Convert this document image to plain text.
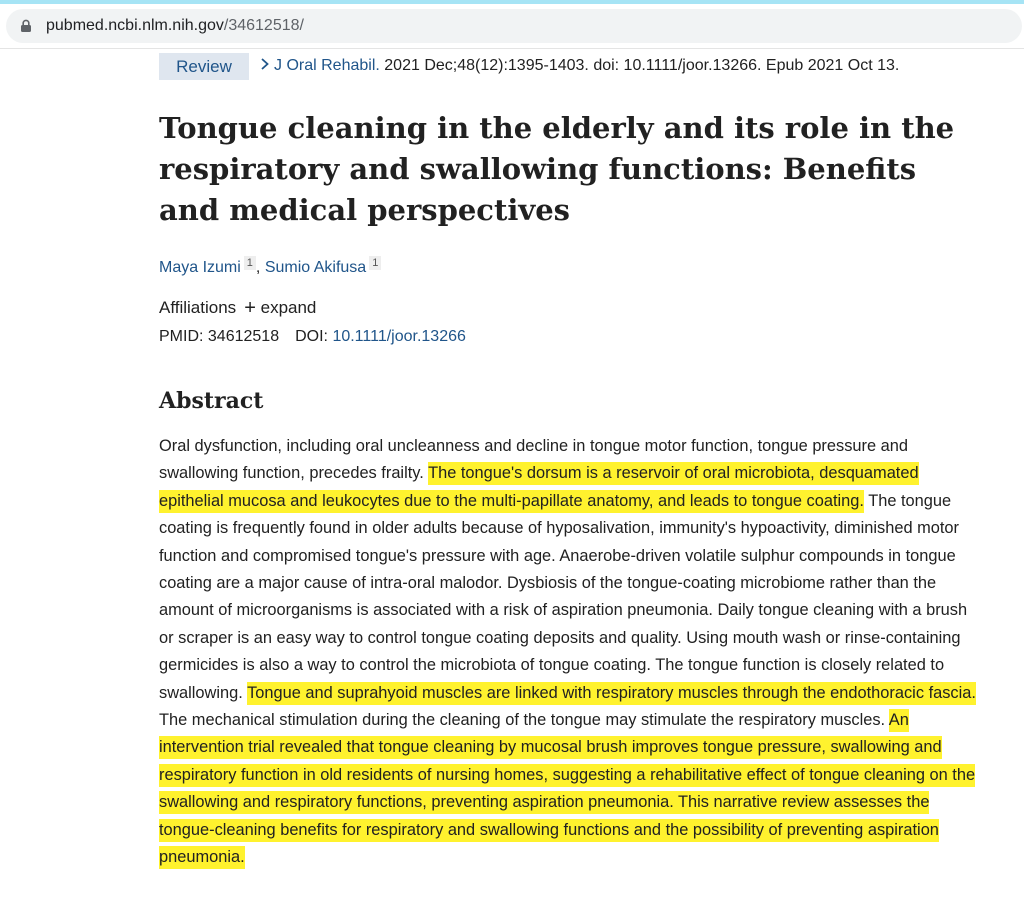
pubmed.ncbi.nlm.nih.gov/34612518/
Review	J Oral Rehabil. 2021 Dec;48(12):1395-1403. doi: 10.1111/joor.13266. Epub 2021 Oct 13.
Tongue cleaning in the elderly and its role in the respiratory and swallowing functions: Benefits and medical perspectives
Maya Izumi 1 , Sumio Akifusa 1
Affiliations + expand
PMID: 34612518 DOI: 10.1111/joor.13266
Abstract

Oral dysfunction, including oral uncleanness and decline in tongue motor function, tongue pressure and swallowing function, precedes frailty. The tongue's dorsum is a reservoir of oral microbiota, desquamated epithelial mucosa and leukocytes due to the multi-papillate anatomy, and leads to tongue coating. The tongue coating is frequently found in older adults because of hyposalivation, immunity's hypoactivity, diminished motor function and compromised tongue's pressure with age. Anaerobe-driven volatile sulphur compounds in tongue coating are a major cause of intra-oral malodor. Dysbiosis of the tongue-coating microbiome rather than the amount of microorganisms is associated with a risk of aspiration pneumonia. Daily tongue cleaning with a brush or scraper is an easy way to control tongue coating deposits and quality. Using mouth wash or rinse-containing germicides is also a way to control the microbiota of tongue coating. The tongue function is closely related to swallowing. Tongue and suprahyoid muscles are linked with respiratory muscles through the endothoracic fascia. The mechanical stimulation during the cleaning of the tongue may stimulate the respiratory muscles. An intervention trial revealed that tongue cleaning by mucosal brush improves tongue pressure, swallowing and respiratory function in old residents of nursing homes, suggesting a rehabilitative effect of tongue cleaning on the swallowing and respiratory functions, preventing aspiration pneumonia. This narrative review assesses the tongue-cleaning benefits for respiratory and swallowing functions and the possibility of preventing aspiration pneumonia.
